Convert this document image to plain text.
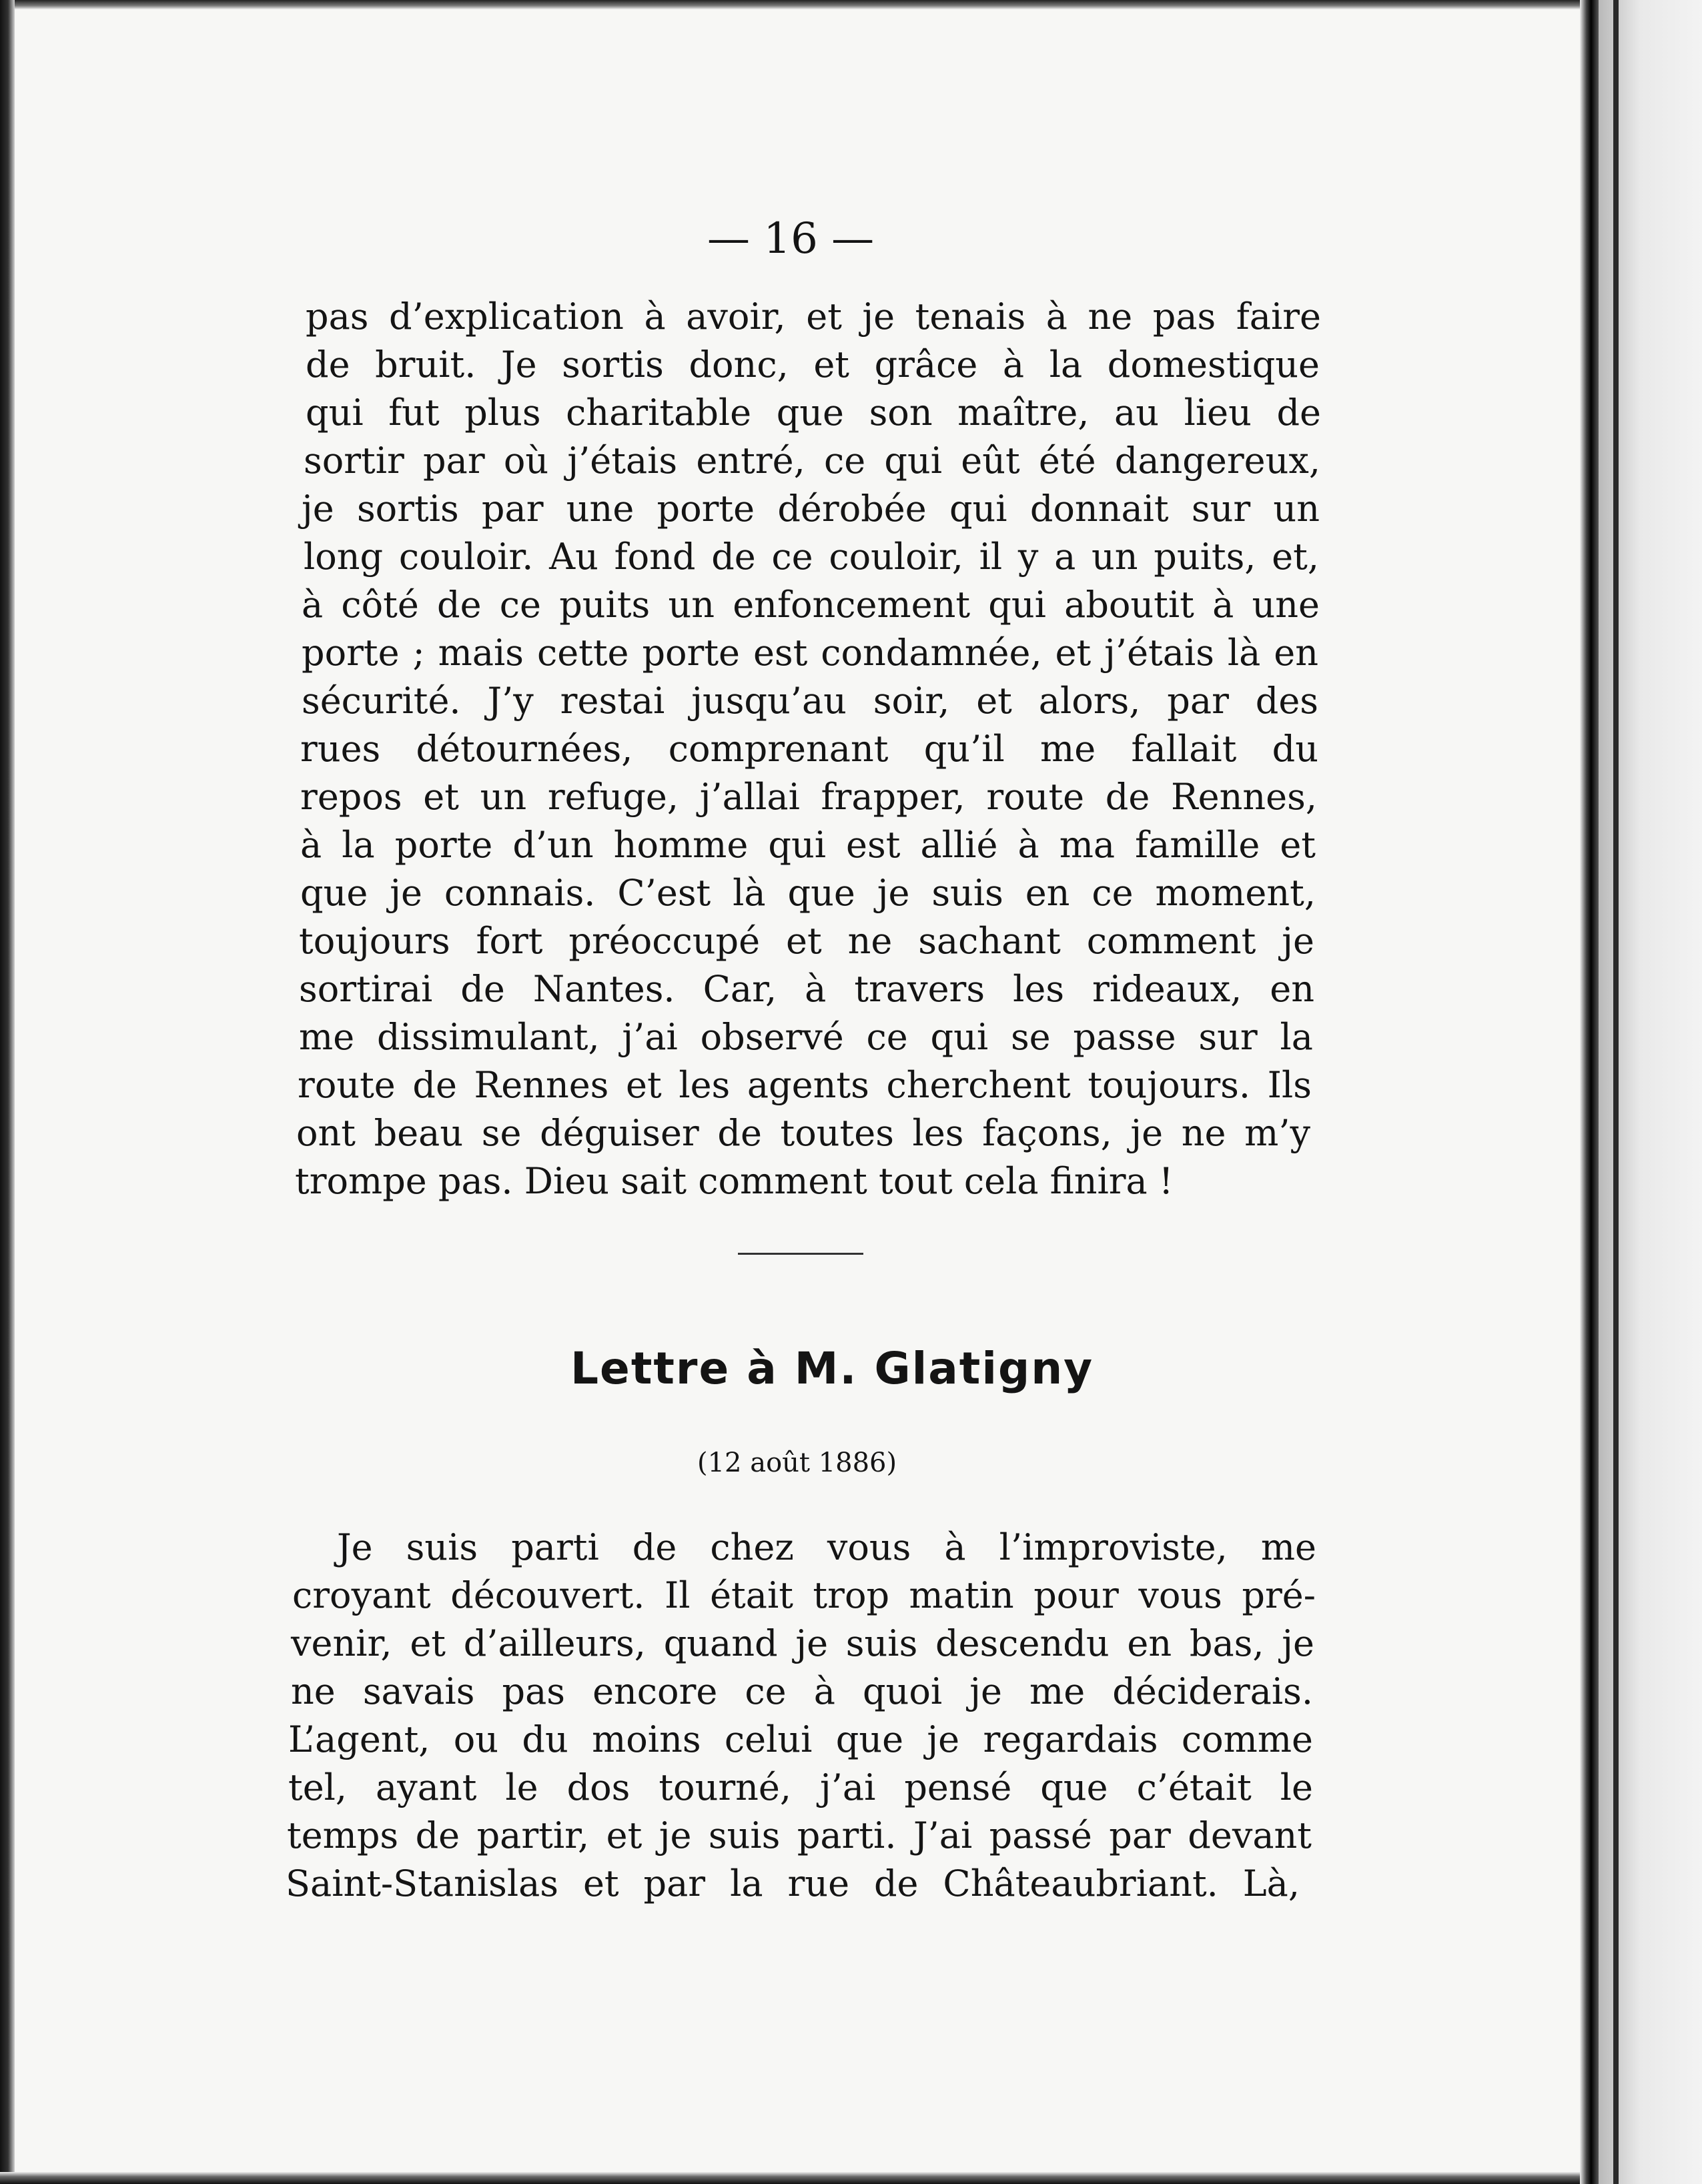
— 16 —
pas d’explication à avoir, et je tenais à ne pas faire
de bruit. Je sortis donc, et grâce à la domestique
qui fut plus charitable que son maître, au lieu de
sortir par où j’étais entré, ce qui eût été dangereux,
je sortis par une porte dérobée qui donnait sur un
long couloir. Au fond de ce couloir, il y a un puits, et,
à côté de ce puits un enfoncement qui aboutit à une
porte ; mais cette porte est condamnée, et j’étais là en
sécurité. J’y restai jusqu’au soir, et alors, par des
rues détournées, comprenant qu’il me fallait du
repos et un refuge, j’allai frapper, route de Rennes,
à la porte d’un homme qui est allié à ma famille et
que je connais. C’est là que je suis en ce moment,
toujours fort préoccupé et ne sachant comment je
sortirai de Nantes. Car, à travers les rideaux, en
me dissimulant, j’ai observé ce qui se passe sur la
route de Rennes et les agents cherchent toujours. Ils
ont beau se déguiser de toutes les façons, je ne m’y
trompe pas. Dieu sait comment tout cela finira !
Lettre à M. Glatigny
(12 août 1886)
Je suis parti de chez vous à l’improviste, me
croyant découvert. Il était trop matin pour vous pré-
venir, et d’ailleurs, quand je suis descendu en bas, je
ne savais pas encore ce à quoi je me déciderais.
L’agent, ou du moins celui que je regardais comme
tel, ayant le dos tourné, j’ai pensé que c’était le
temps de partir, et je suis parti. J’ai passé par devant
Saint-Stanislas et par la rue de Châteaubriant. Là,
